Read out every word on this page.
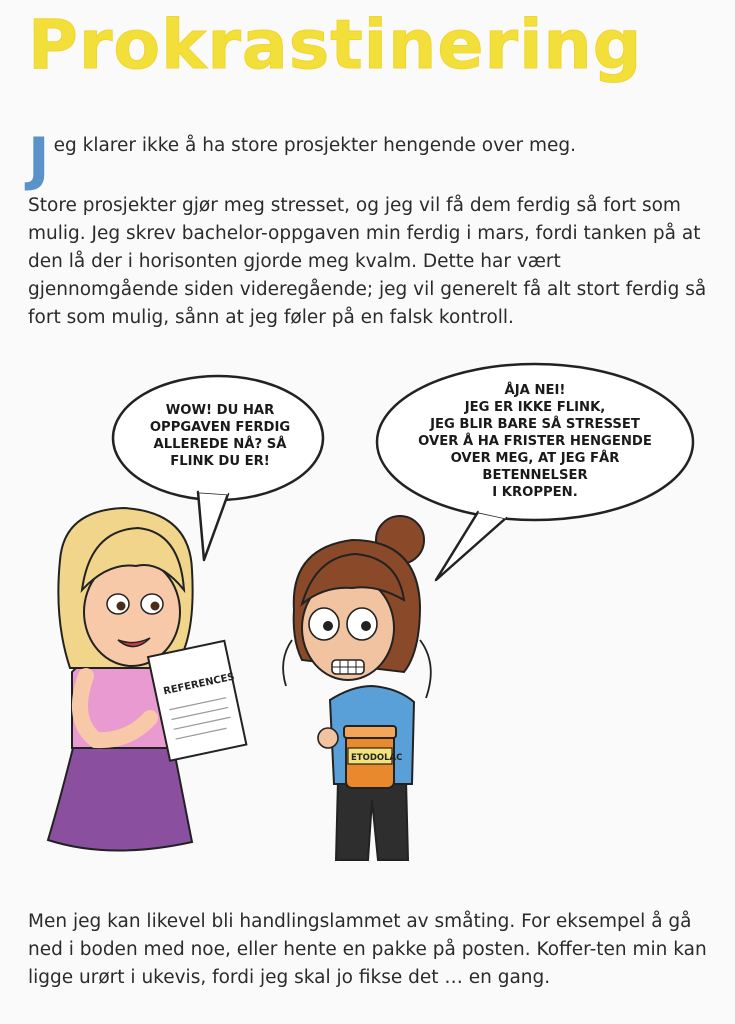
Prokrastinering
Jeg klarer ikke å ha store prosjekter hengende over meg.
Store prosjekter gjør meg stresset, og jeg vil få dem ferdig så fort som mulig. Jeg skrev bachelor-oppgaven min ferdig i mars, fordi tanken på at den lå der i horisonten gjorde meg kvalm. Dette har vært gjennomgående siden videregående; jeg vil generelt få alt stort ferdig så fort som mulig, sånn at jeg føler på en falsk kontroll.
REFERENCES
ETODOLAC
WOW! DU HAR
OPPGAVEN FERDIG
ALLEREDE NÅ? SÅ
FLINK DU ER!
ÅJA NEI!
JEG ER IKKE FLINK,
JEG BLIR BARE SÅ STRESSET
OVER Å HA FRISTER HENGENDE
OVER MEG, AT JEG FÅR
BETENNELSER
I KROPPEN.
Men jeg kan likevel bli handlingslammet av småting. For eksempel å gå ned i boden med noe, eller hente en pakke på posten. Koffer-ten min kan ligge urørt i ukevis, fordi jeg skal jo fikse det … en gang.
